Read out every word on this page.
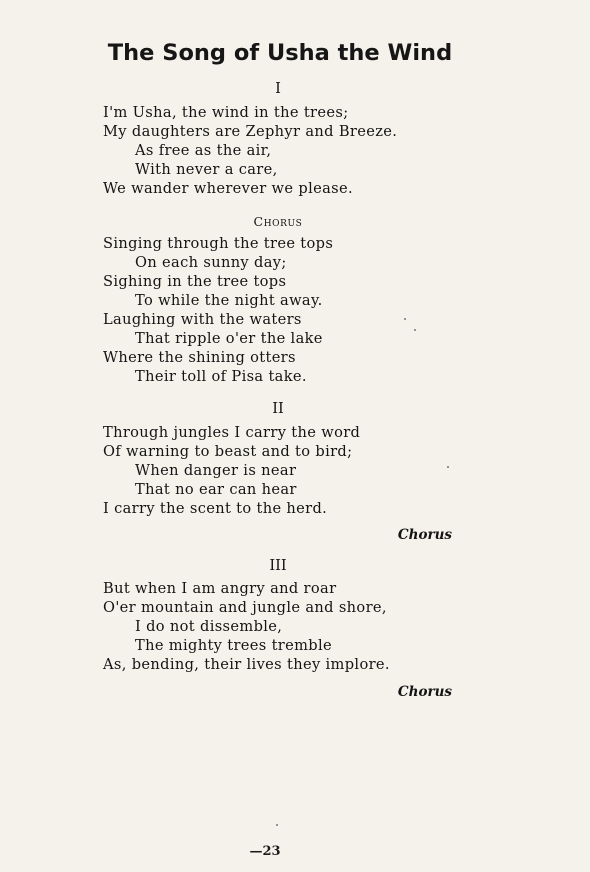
The Song of Usha the Wind

I

I'm Usha, the wind in the trees;

My daughters are Zephyr and Breeze.

As free as the air,

With never a care,

We wander wherever we please.

Chorus

Singing through the tree tops

On each sunny day;

Sighing in the tree tops

To while the night away.

Laughing with the waters

That ripple o'er the lake

Where the shining otters

Their toll of Pisa take.

II

Through jungles I carry the word

Of warning to beast and to bird;

When danger is near

That no ear can hear

I carry the scent to the herd.

Chorus

III

But when I am angry and roar

O'er mountain and jungle and shore,

I do not dissemble,

The mighty trees tremble

As, bending, their lives they implore.

Chorus

—23
